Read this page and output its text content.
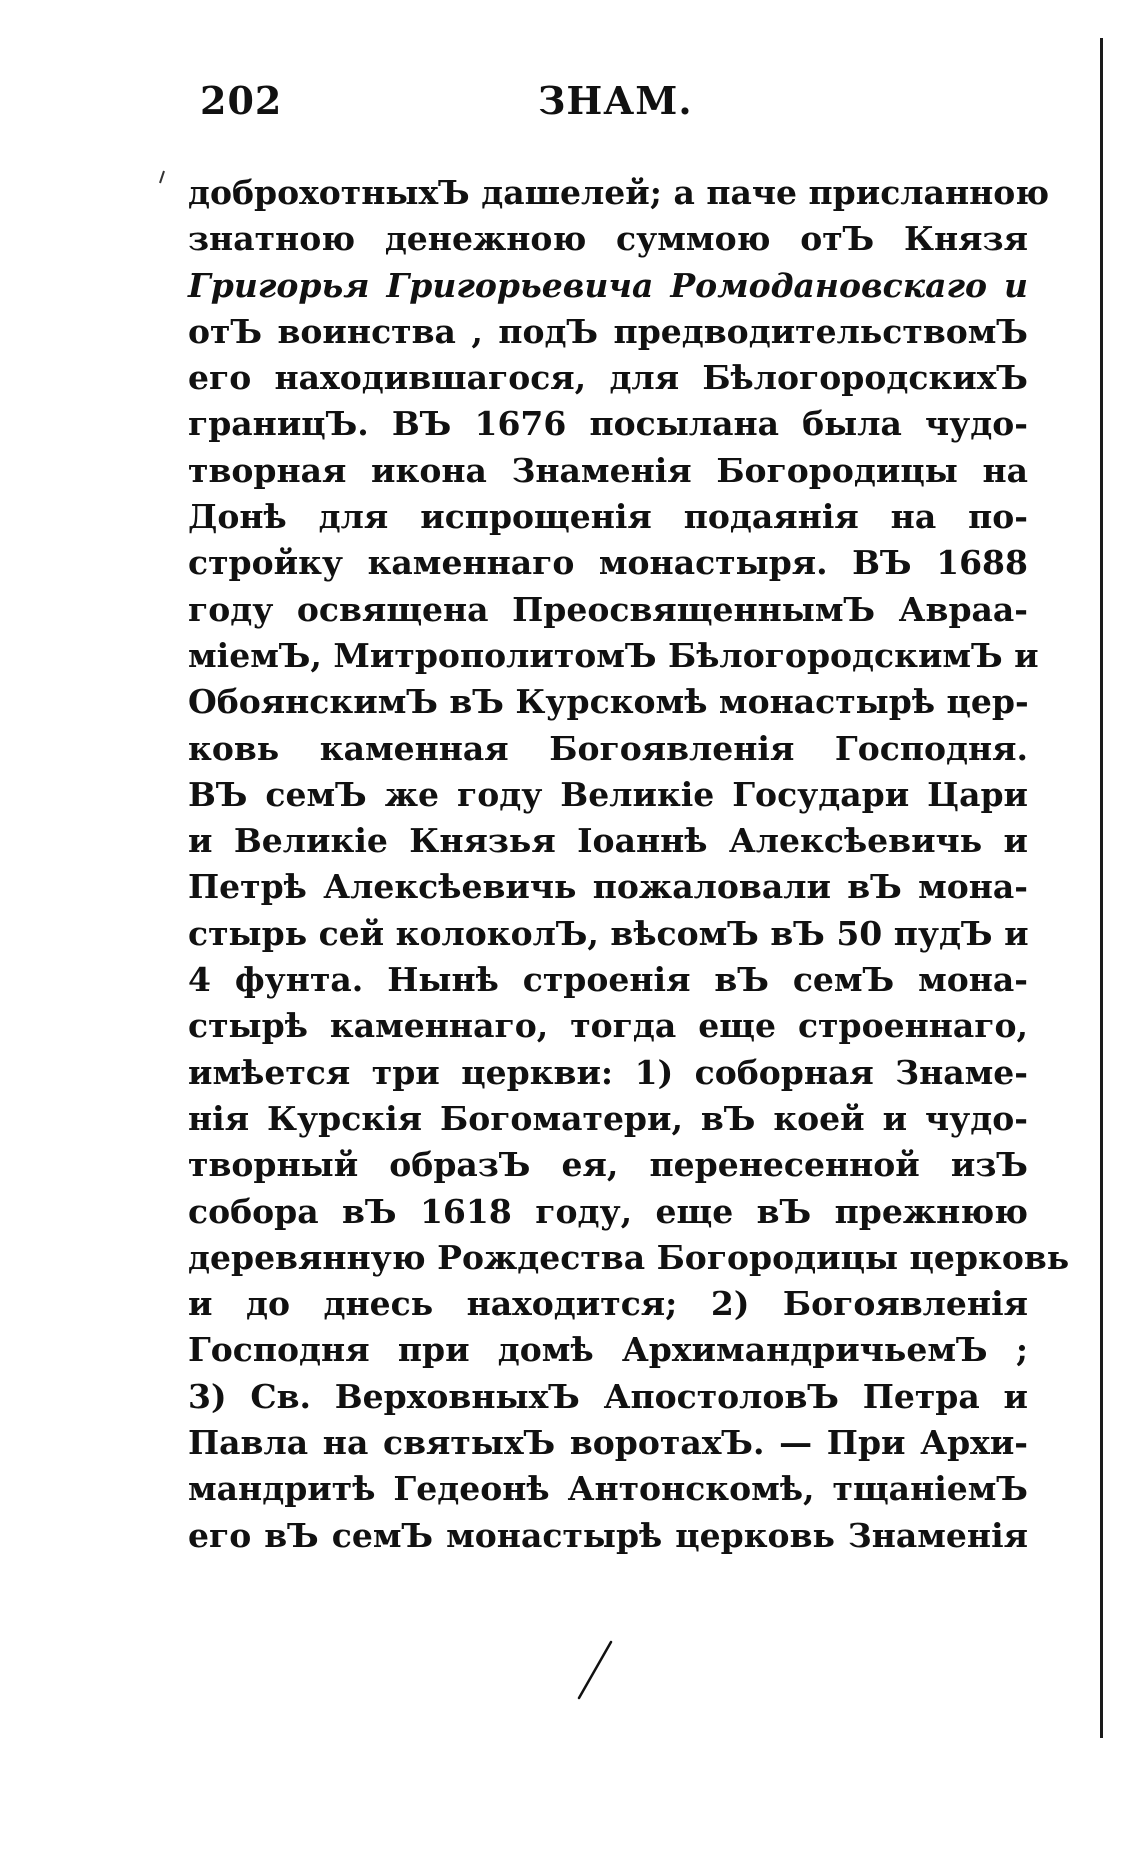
202	ЗНАМ.
доброхотныхЪ дашелей; а паче присланною
знатною денежною суммою отЪ Князя
Григорья Григорьевича Ромодановскаго и
отЪ воинства , подЪ предводительствомЪ
его находившагося, для БѣлогородскихЪ
границЪ. ВЪ 1676 посылана была чудо-
творная икона Знаменія Богородицы на
Донѣ для испрощенія подаянія на по-
стройку каменнаго монастыря. ВЪ 1688
году освящена ПреосвященнымЪ Авраа-
міемЪ, МитрополитомЪ БѣлогородскимЪ и
ОбоянскимЪ вЪ Курскомѣ монастырѣ цер-
ковь каменная Богоявленія Господня.
ВЪ семЪ же году Великіе Государи Цари
и Великіе Князья Іоаннѣ Алексѣевичь и
Петрѣ Алексѣевичь пожаловали вЪ мона-
стырь сей колоколЪ, вѣсомЪ вЪ 50 пудЪ и
4 фунта. Нынѣ строенія вЪ семЪ мона-
стырѣ каменнаго, тогда еще строеннаго,
имѣется три церкви: 1) соборная Знаме-
нія Курскія Богоматери, вЪ коей и чудо-
творный образЪ ея, перенесенной изЪ
собора вЪ 1618 году, еще вЪ прежнюю
деревянную Рождества Богородицы церковь
и до днесь находится; 2) Богоявленія
Господня при домѣ АрхимандричьемЪ ;
3) Св. ВерховныхЪ АпостоловЪ Петра и
Павла на святыхЪ воротахЪ. — При Архи-
мандритѣ Гедеонѣ Антонскомѣ, тщаніемЪ
его вЪ семЪ монастырѣ церковь Знаменія
